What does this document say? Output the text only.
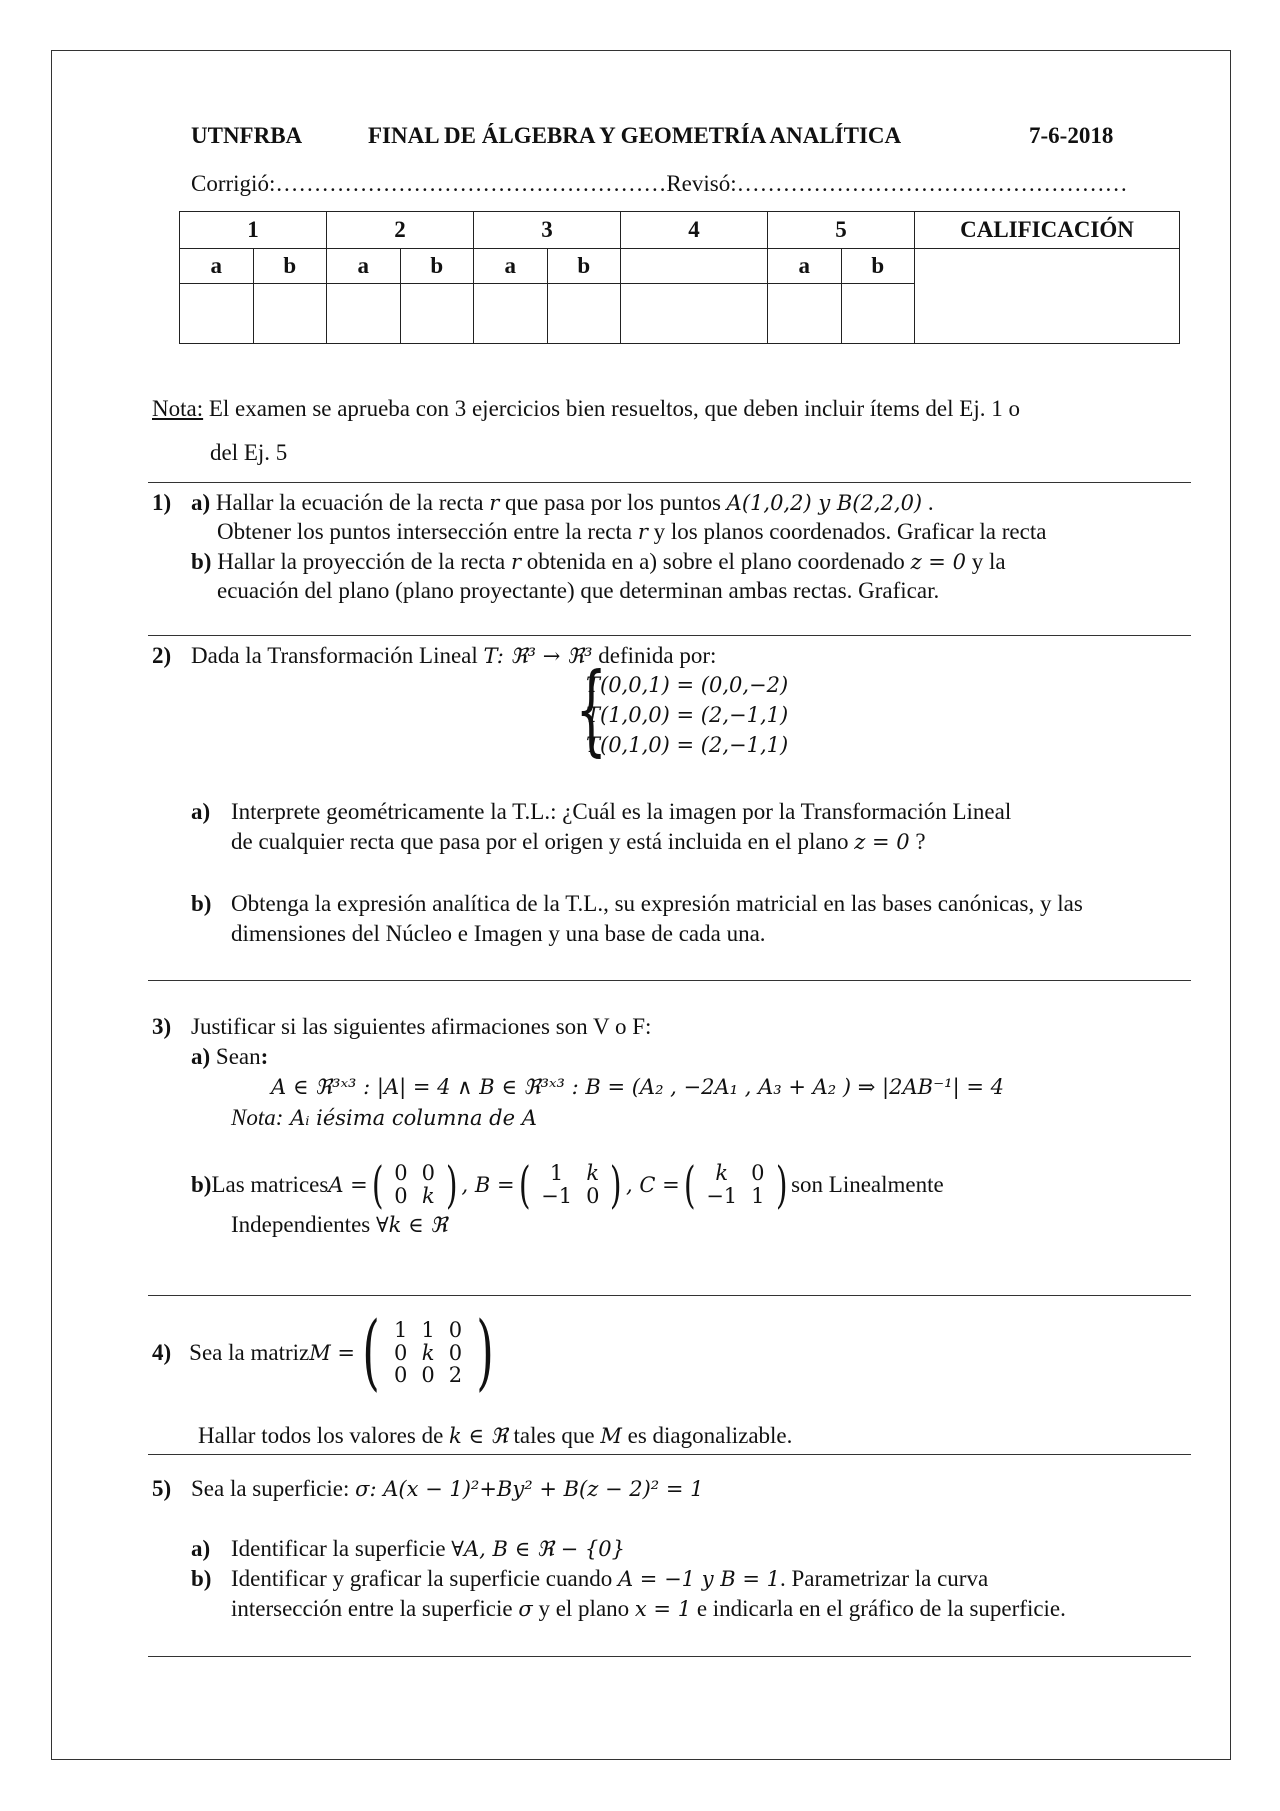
UTNFRBA	FINAL DE ÁLGEBRA Y GEOMETRÍA ANALÍTICA	7-6-2018
Corrigió:……………………………………………Revisó:……………………………………………
1		2		3		4	5		CALIFICACIÓN
a	b	a	b	a	b		a	b	

Nota: El examen se aprueba con 3 ejercicios bien resueltos, que deben incluir ítems del Ej. 1 o
del Ej. 5
1) a) Hallar la ecuación de la recta r que pasa por los puntos A(1,0,2) y B(2,2,0) .
Obtener los puntos intersección entre la recta r y los planos coordenados. Graficar la recta
b) Hallar la proyección de la recta r obtenida en a) sobre el plano coordenado z = 0 y la
ecuación del plano (plano proyectante) que determinan ambas rectas. Graficar.
2) Dada la Transformación Lineal T: ℜ³ → ℜ³ definida por:
{
T(0,0,1) = (0,0,−2)
T(1,0,0) = (2,−1,1)
T(0,1,0) = (2,−1,1)
a) Interprete geométricamente la T.L.: ¿Cuál es la imagen por la Transformación Lineal
de cualquier recta que pasa por el origen y está incluida en el plano z = 0 ?
b) Obtenga la expresión analítica de la T.L., su expresión matricial en las bases canónicas, y las
dimensiones del Núcleo e Imagen y una base de cada una.
3) Justificar si las siguientes afirmaciones son V o F:
a) Sean:
A ∈ ℜ³ˣ³ : |A| = 4 ∧ B ∈ ℜ³ˣ³ : B = (A₂ , −2A₁ , A₃ + A₂ ) ⇒ |2AB⁻¹| = 4
Nota: Aᵢ iésima columna de A
b) Las matrices A = ( 0	0
0	k ) , B = ( 1	k
−1	0 ) , C = ( k	0
−1	1 ) son Linealmente
Independientes ∀k ∈ ℜ
4) Sea la matriz M = ( 1	1	0
0	k	0
0	0	2 )
Hallar todos los valores de k ∈ ℜ tales que M es diagonalizable.
5) Sea la superficie: σ: A(x − 1)²+By² + B(z − 2)² = 1
a) Identificar la superficie ∀A, B ∈ ℜ − {0}
b) Identificar y graficar la superficie cuando A = −1 y B = 1. Parametrizar la curva
intersección entre la superficie σ y el plano x = 1 e indicarla en el gráfico de la superficie.
